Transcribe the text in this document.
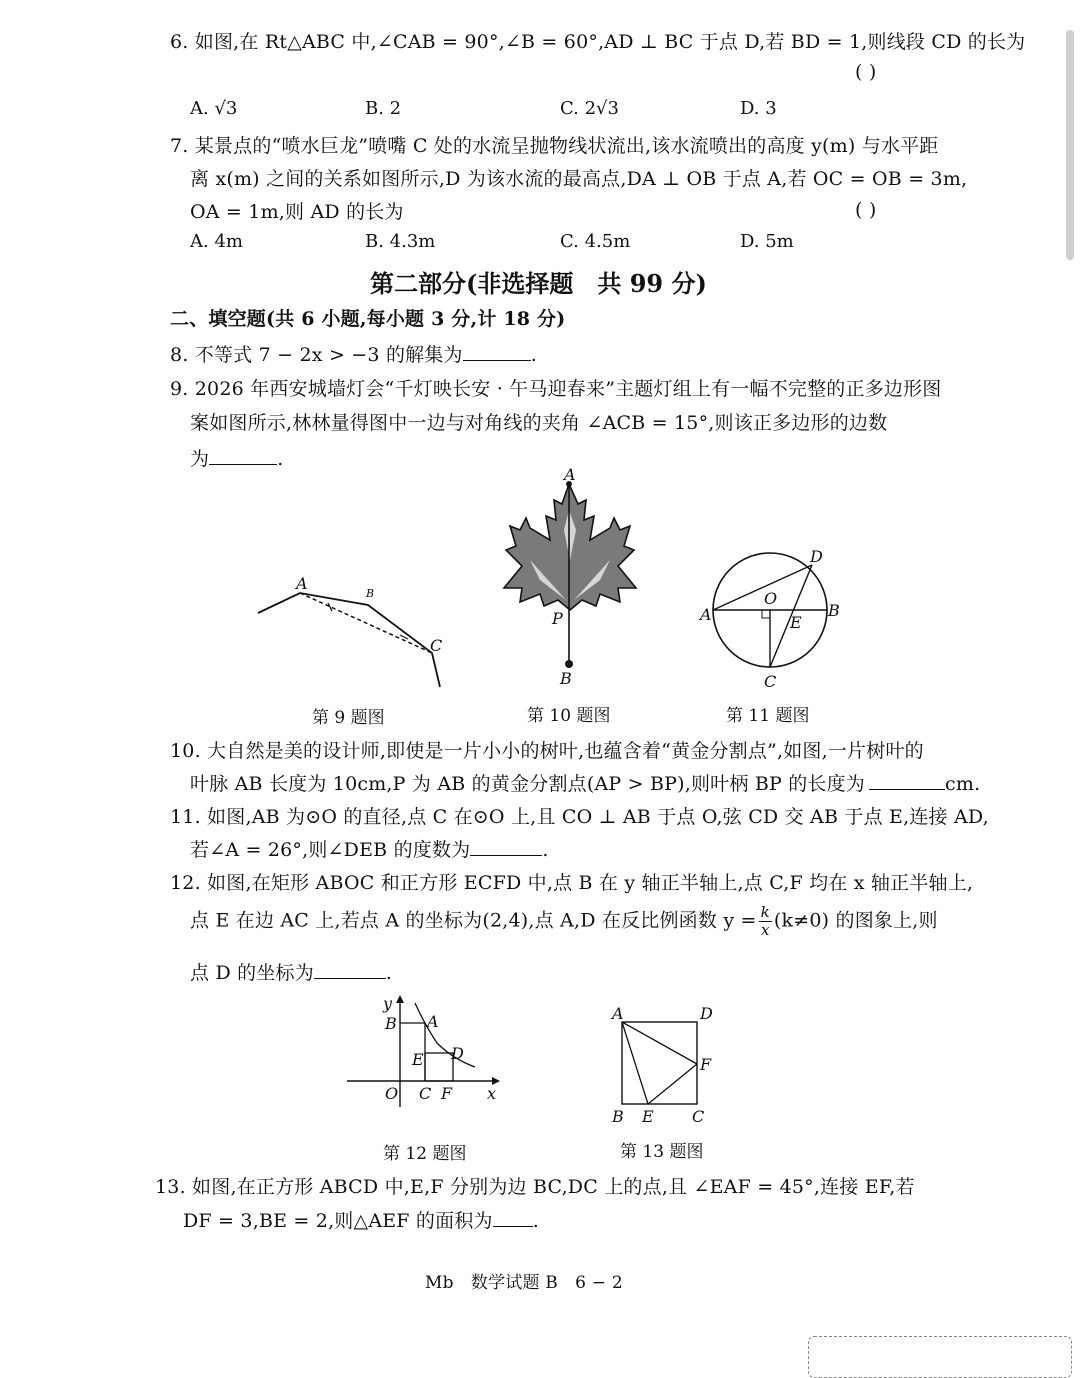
6. 如图,在 Rt△ABC 中,∠CAB = 90°,∠B = 60°,AD ⊥ BC 于点 D,若 BD = 1,则线段 CD 的长为
( )
A. √3	B. 2	C. 2√3	D. 3
7. 某景点的“喷水巨龙”喷嘴 C 处的水流呈抛物线状流出,该水流喷出的高度 y(m) 与水平距
离 x(m) 之间的关系如图所示,D 为该水流的最高点,DA ⊥ OB 于点 A,若 OC = OB = 3m,
OA = 1m,则 AD 的长为	( )
A. 4m	B. 4.3m	C. 4.5m	D. 5m
第二部分(非选择题　共 99 分)
二、填空题(共 6 小题,每小题 3 分,计 18 分)
8. 不等式 7 − 2x > −3 的解集为	.
9. 2026 年西安城墙灯会“千灯映长安 · 午马迎春来”主题灯组上有一幅不完整的正多边形图
案如图所示,林林量得图中一边与对角线的夹角 ∠ACB = 15°,则该正多边形的边数
为	.
A
C
B
第 9 题图
A
P
B
第 10 题图
A	B
C
D
O
E
第 11 题图
10. 大自然是美的设计师,即使是一片小小的树叶,也蕴含着“黄金分割点”,如图,一片树叶的
叶脉 AB 长度为 10cm,P 为 AB 的黄金分割点(AP > BP),则叶柄 BP 的长度为	cm.
11. 如图,AB 为⊙O 的直径,点 C 在⊙O 上,且 CO ⊥ AB 于点 O,弦 CD 交 AB 于点 E,连接 AD,
若∠A = 26°,则∠DEB 的度数为	.
12. 如图,在矩形 ABOC 和正方形 ECFD 中,点 B 在 y 轴正半轴上,点 C,F 均在 x 轴正半轴上,
点 E 在边 AC 上,若点 A 的坐标为(2,4),点 A,D 在反比例函数 $y = \frac{k}{x} (k\ne 0)$ 的图象上,则
点 D 的坐标为	.
y
x
O
B A
E D
C F
第 12 题图
A	D
F
B E C
第 13 题图
13. 如图,在正方形 ABCD 中,E,F 分别为边 BC,DC 上的点,且 ∠EAF = 45°,连接 EF,若
DF = 3,BE = 2,则△AEF 的面积为 .
Mb　数学试题 B　6 − 2
